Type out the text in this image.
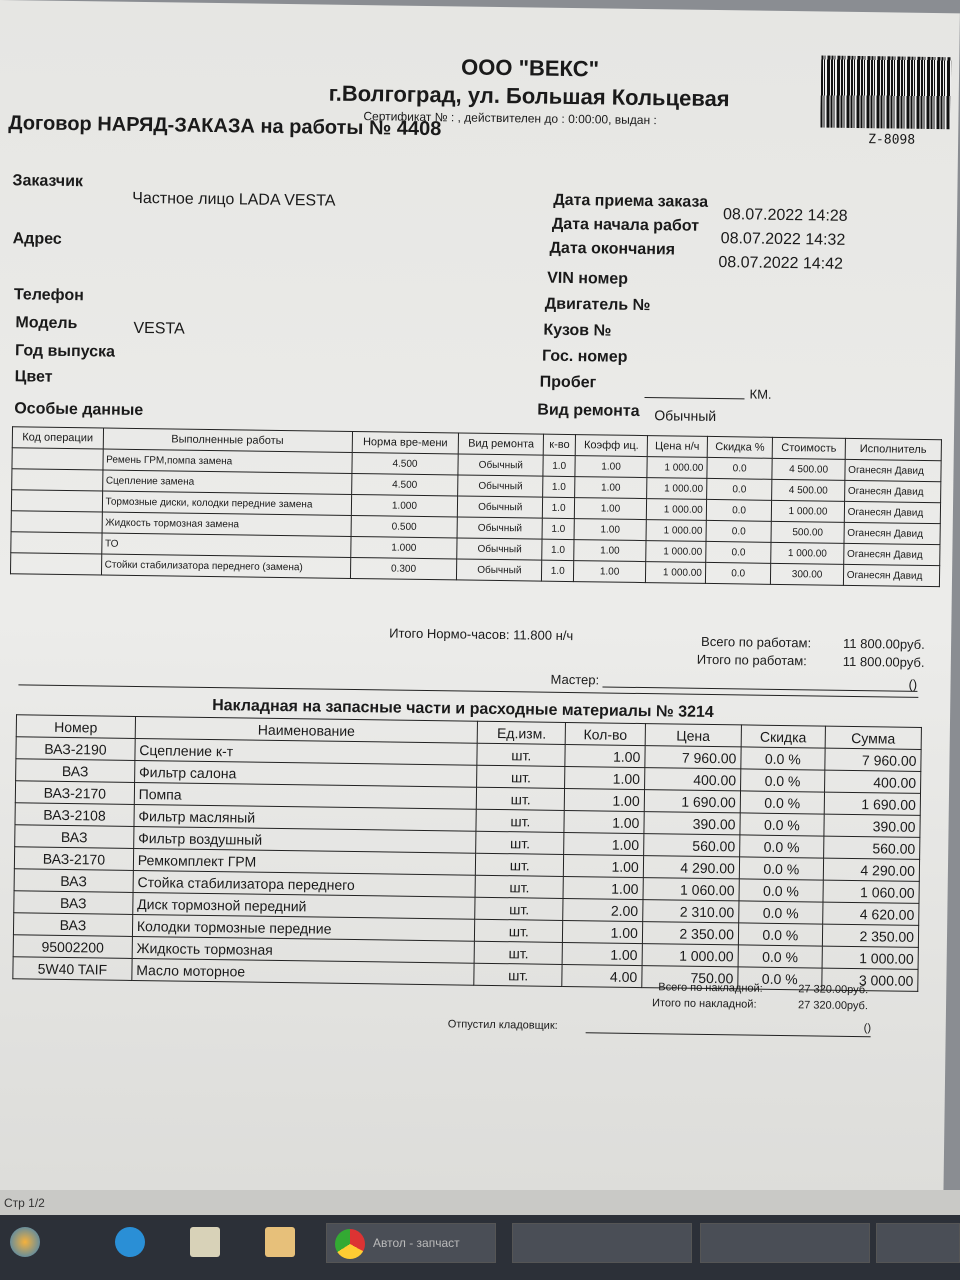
ООО "ВЕКС"
г.Волгоград, ул. Большая Кольцевая
Сертификат № : , действителен до : 0:00:00, выдан :
Договор НАРЯД-ЗАКАЗА на работы № 4408	Z-8098
Заказчик
Частное лицо LADA VESTA
Адрес
Телефон
Модель	VESTA
Год выпуска
Цвет
Особые данные
Дата приема заказа
08.07.2022 14:28
Дата начала работ
08.07.2022 14:32
Дата окончания
08.07.2022 14:42
VIN номер
Двигатель №
Кузов №
Гос. номер
Пробег
КМ.
Вид ремонта Обычный
Код операции	Выполненные работы	Норма вре-мени	Вид ремонта	к-во	Коэфф иц.	Цена н/ч	Скидка %	Стоимость	Исполнитель
	Ремень ГРМ,помпа замена	4.500	Обычный	1.0	1.00	1 000.00	0.0	4 500.00	Оганесян Давид
	Сцепление замена	4.500	Обычный	1.0	1.00	1 000.00	0.0	4 500.00	Оганесян Давид
	Тормозные диски, колодки передние замена	1.000	Обычный	1.0	1.00	1 000.00	0.0	1 000.00	Оганесян Давид
	Жидкость тормозная замена	0.500	Обычный	1.0	1.00	1 000.00	0.0	500.00	Оганесян Давид
	ТО	1.000	Обычный	1.0	1.00	1 000.00	0.0	1 000.00	Оганесян Давид
	Стойки стабилизатора переднего (замена)	0.300	Обычный	1.0	1.00	1 000.00	0.0	300.00	Оганесян Давид
Итого Нормо-часов: 11.800 н/ч	Всего по работам: 11 800.00руб.
Итого по работам:	11 800.00руб.
Мастер:	()
Накладная на запасные части и расходные материалы № 3214
Номер	Наименование	Ед.изм.	Кол-во	Цена	Скидка	Сумма
ВАЗ-2190	Сцепление к-т	шт.	1.00	7 960.00	0.0 %	7 960.00
ВАЗ	Фильтр салона	шт.	1.00	400.00	0.0 %	400.00
ВАЗ-2170	Помпа	шт.	1.00	1 690.00	0.0 %	1 690.00
ВАЗ-2108	Фильтр масляный	шт.	1.00	390.00	0.0 %	390.00
ВАЗ	Фильтр воздушный	шт.	1.00	560.00	0.0 %	560.00
ВАЗ-2170	Ремкомплект ГРМ	шт.	1.00	4 290.00	0.0 %	4 290.00
ВАЗ	Стойка стабилизатора переднего	шт.	1.00	1 060.00	0.0 %	1 060.00
ВАЗ	Диск тормозной передний	шт.	2.00	2 310.00	0.0 %	4 620.00
ВАЗ	Колодки тормозные передние	шт.	1.00	2 350.00	0.0 %	2 350.00
95002200	Жидкость тормозная	шт.	1.00	1 000.00	0.0 %	1 000.00
5W40 TAIF	Масло моторное	шт.	4.00	750.00	0.0 %	3 000.00
Всего по накладной:	27 320.00руб.
Итого по накладной:	27 320.00руб.
Отпустил кладовщик:	()
Стр 1/2
Автол - запчаст
